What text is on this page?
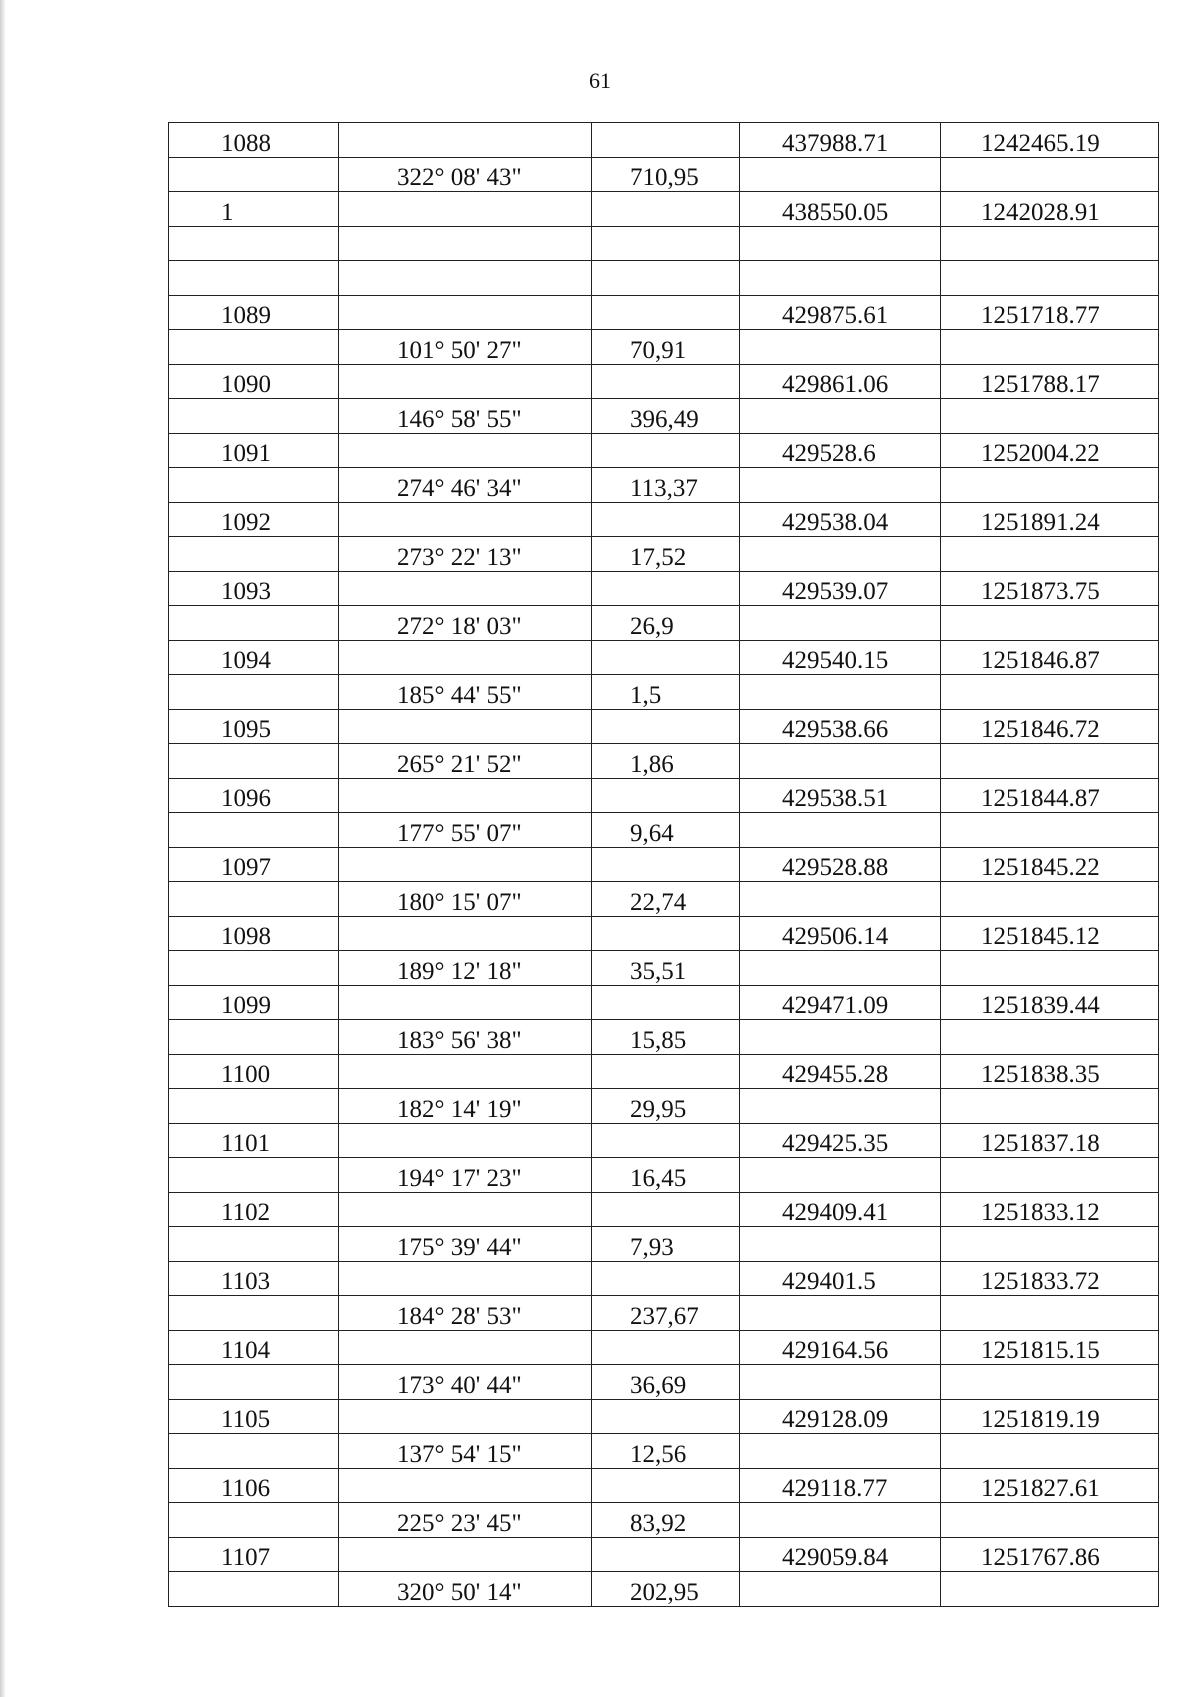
61
1088			437988.71	1242465.19
	322° 08' 43"	710,95		
1			438550.05	1242028.91

1089			429875.61	1251718.77
	101° 50' 27"	70,91		
1090			429861.06	1251788.17
	146° 58' 55"	396,49		
1091			429528.6	1252004.22
	274° 46' 34"	113,37		
1092			429538.04	1251891.24
	273° 22' 13"	17,52		
1093			429539.07	1251873.75
	272° 18' 03"	26,9		
1094			429540.15	1251846.87
	185° 44' 55"	1,5		
1095			429538.66	1251846.72
	265° 21' 52"	1,86		
1096			429538.51	1251844.87
	177° 55' 07"	9,64		
1097			429528.88	1251845.22
	180° 15' 07"	22,74		
1098			429506.14	1251845.12
	189° 12' 18"	35,51		
1099			429471.09	1251839.44
	183° 56' 38"	15,85		
1100			429455.28	1251838.35
	182° 14' 19"	29,95		
1101			429425.35	1251837.18
	194° 17' 23"	16,45		
1102			429409.41	1251833.12
	175° 39' 44"	7,93		
1103			429401.5	1251833.72
	184° 28' 53"	237,67		
1104			429164.56	1251815.15
	173° 40' 44"	36,69		
1105			429128.09	1251819.19
	137° 54' 15"	12,56		
1106			429118.77	1251827.61
	225° 23' 45"	83,92		
1107			429059.84	1251767.86
	320° 50' 14"	202,95		
